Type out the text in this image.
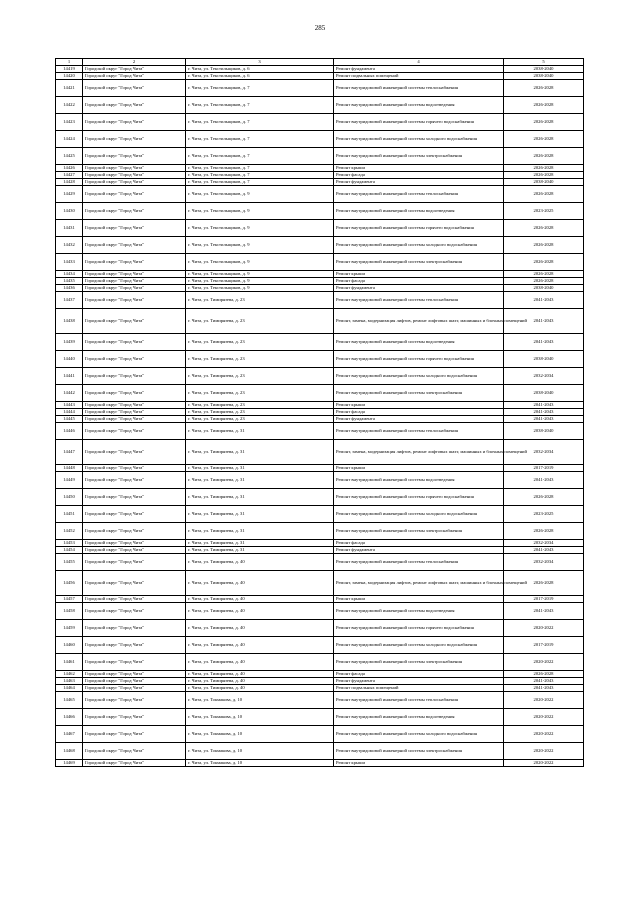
285
1	2	3	4	5
14419	Городской округ "Город Чита"	г. Чита, ул. Текстильщиков, д. 6	Ремонт фундамента	2038-2040
14420	Городской округ "Город Чита"	г. Чита, ул. Текстильщиков, д. 6	Ремонт подвальных помещений	2038-2040
14421	Городской округ "Город Чита"	г. Чита, ул. Текстильщиков, д. 7	Ремонт внутридомовой инженерной системы теплоснабжения	2026-2028
14422	Городской округ "Город Чита"	г. Чита, ул. Текстильщиков, д. 7	Ремонт внутридомовой инженерной системы водоотведения	2026-2028
14423	Городской округ "Город Чита"	г. Чита, ул. Текстильщиков, д. 7	Ремонт внутридомовой инженерной системы горячего водоснабжения	2026-2028
14424	Городской округ "Город Чита"	г. Чита, ул. Текстильщиков, д. 7	Ремонт внутридомовой инженерной системы холодного водоснабжения	2026-2028
14425	Городской округ "Город Чита"	г. Чита, ул. Текстильщиков, д. 7	Ремонт внутридомовой инженерной системы электроснабжения	2026-2028
14426	Городской округ "Город Чита"	г. Чита, ул. Текстильщиков, д. 7	Ремонт крыши	2026-2028
14427	Городской округ "Город Чита"	г. Чита, ул. Текстильщиков, д. 7	Ремонт фасада	2026-2028
14428	Городской округ "Город Чита"	г. Чита, ул. Текстильщиков, д. 7	Ремонт фундамента	2038-2040
14429	Городской округ "Город Чита"	г. Чита, ул. Текстильщиков, д. 9	Ремонт внутридомовой инженерной системы теплоснабжения	2026-2028
14430	Городской округ "Город Чита"	г. Чита, ул. Текстильщиков, д. 9	Ремонт внутридомовой инженерной системы водоотведения	2023-2025
14431	Городской округ "Город Чита"	г. Чита, ул. Текстильщиков, д. 9	Ремонт внутридомовой инженерной системы горячего водоснабжения	2026-2028
14432	Городской округ "Город Чита"	г. Чита, ул. Текстильщиков, д. 9	Ремонт внутридомовой инженерной системы холодного водоснабжения	2026-2028
14433	Городской округ "Город Чита"	г. Чита, ул. Текстильщиков, д. 9	Ремонт внутридомовой инженерной системы электроснабжения	2026-2028
14434	Городской округ "Город Чита"	г. Чита, ул. Текстильщиков, д. 9	Ремонт крыши	2026-2028
14435	Городской округ "Город Чита"	г. Чита, ул. Текстильщиков, д. 9	Ремонт фасада	2026-2028
14436	Городской округ "Город Чита"	г. Чита, ул. Текстильщиков, д. 9	Ремонт фундамента	2038-2040
14437	Городской округ "Город Чита"	г. Чита, ул. Тимирязева, д. 23	Ремонт внутридомовой инженерной системы теплоснабжения	2041-2043
14438	Городской округ "Город Чита"	г. Чита, ул. Тимирязева, д. 23	Ремонт, замена, модернизация лифтов, ремонт лифтовых шахт, машинных и блочных помещений	2041-2043
14439	Городской округ "Город Чита"	г. Чита, ул. Тимирязева, д. 23	Ремонт внутридомовой инженерной системы водоотведения	2041-2043
14440	Городской округ "Город Чита"	г. Чита, ул. Тимирязева, д. 23	Ремонт внутридомовой инженерной системы горячего водоснабжения	2038-2040
14441	Городской округ "Город Чита"	г. Чита, ул. Тимирязева, д. 23	Ремонт внутридомовой инженерной системы холодного водоснабжения	2032-2034
14442	Городской округ "Город Чита"	г. Чита, ул. Тимирязева, д. 23	Ремонт внутридомовой инженерной системы электроснабжения	2038-2040
14443	Городской округ "Город Чита"	г. Чита, ул. Тимирязева, д. 23	Ремонт крыши	2041-2043
14444	Городской округ "Город Чита"	г. Чита, ул. Тимирязева, д. 23	Ремонт фасада	2041-2043
14445	Городской округ "Город Чита"	г. Чита, ул. Тимирязева, д. 23	Ремонт фундамента	2041-2043
14446	Городской округ "Город Чита"	г. Чита, ул. Тимирязева, д. 31	Ремонт внутридомовой инженерной системы теплоснабжения	2038-2040
14447	Городской округ "Город Чита"	г. Чита, ул. Тимирязева, д. 31	Ремонт, замена, модернизация лифтов, ремонт лифтовых шахт, машинных и блочных помещений	2032-2034
14448	Городской округ "Город Чита"	г. Чита, ул. Тимирязева, д. 31	Ремонт крыши	2017-2019
14449	Городской округ "Город Чита"	г. Чита, ул. Тимирязева, д. 31	Ремонт внутридомовой инженерной системы водоотведения	2041-2043
14450	Городской округ "Город Чита"	г. Чита, ул. Тимирязева, д. 31	Ремонт внутридомовой инженерной системы горячего водоснабжения	2026-2028
14451	Городской округ "Город Чита"	г. Чита, ул. Тимирязева, д. 31	Ремонт внутридомовой инженерной системы холодного водоснабжения	2023-2025
14452	Городской округ "Город Чита"	г. Чита, ул. Тимирязева, д. 31	Ремонт внутридомовой инженерной системы электроснабжения	2026-2028
14453	Городской округ "Город Чита"	г. Чита, ул. Тимирязева, д. 31	Ремонт фасада	2032-2034
14454	Городской округ "Город Чита"	г. Чита, ул. Тимирязева, д. 31	Ремонт фундамента	2041-2043
14455	Городской округ "Город Чита"	г. Чита, ул. Тимирязева, д. 40	Ремонт внутридомовой инженерной системы теплоснабжения	2032-2034
14456	Городской округ "Город Чита"	г. Чита, ул. Тимирязева, д. 40	Ремонт, замена, модернизация лифтов, ремонт лифтовых шахт, машинных и блочных помещений	2026-2028
14457	Городской округ "Город Чита"	г. Чита, ул. Тимирязева, д. 40	Ремонт крыши	2017-2019
14458	Городской округ "Город Чита"	г. Чита, ул. Тимирязева, д. 40	Ремонт внутридомовой инженерной системы водоотведения	2041-2043
14459	Городской округ "Город Чита"	г. Чита, ул. Тимирязева, д. 40	Ремонт внутридомовой инженерной системы горячего водоснабжения	2020-2022
14460	Городской округ "Город Чита"	г. Чита, ул. Тимирязева, д. 40	Ремонт внутридомовой инженерной системы холодного водоснабжения	2017-2019
14461	Городской округ "Город Чита"	г. Чита, ул. Тимирязева, д. 40	Ремонт внутридомовой инженерной системы электроснабжения	2020-2022
14462	Городской округ "Город Чита"	г. Чита, ул. Тимирязева, д. 40	Ремонт фасада	2026-2028
14463	Городской округ "Город Чита"	г. Чита, ул. Тимирязева, д. 40	Ремонт фундамента	2041-2043
14464	Городской округ "Город Чита"	г. Чита, ул. Тимирязева, д. 40	Ремонт подвальных помещений	2041-2043
14465	Городской округ "Город Чита"	г. Чита, ул. Токмакова, д. 10	Ремонт внутридомовой инженерной системы теплоснабжения	2020-2022
14466	Городской округ "Город Чита"	г. Чита, ул. Токмакова, д. 10	Ремонт внутридомовой инженерной системы водоотведения	2020-2022
14467	Городской округ "Город Чита"	г. Чита, ул. Токмакова, д. 10	Ремонт внутридомовой инженерной системы холодного водоснабжения	2020-2022
14468	Городской округ "Город Чита"	г. Чита, ул. Токмакова, д. 10	Ремонт внутридомовой инженерной системы электроснабжения	2020-2022
14469	Городской округ "Город Чита"	г. Чита, ул. Токмакова, д. 10	Ремонт крыши	2020-2022
